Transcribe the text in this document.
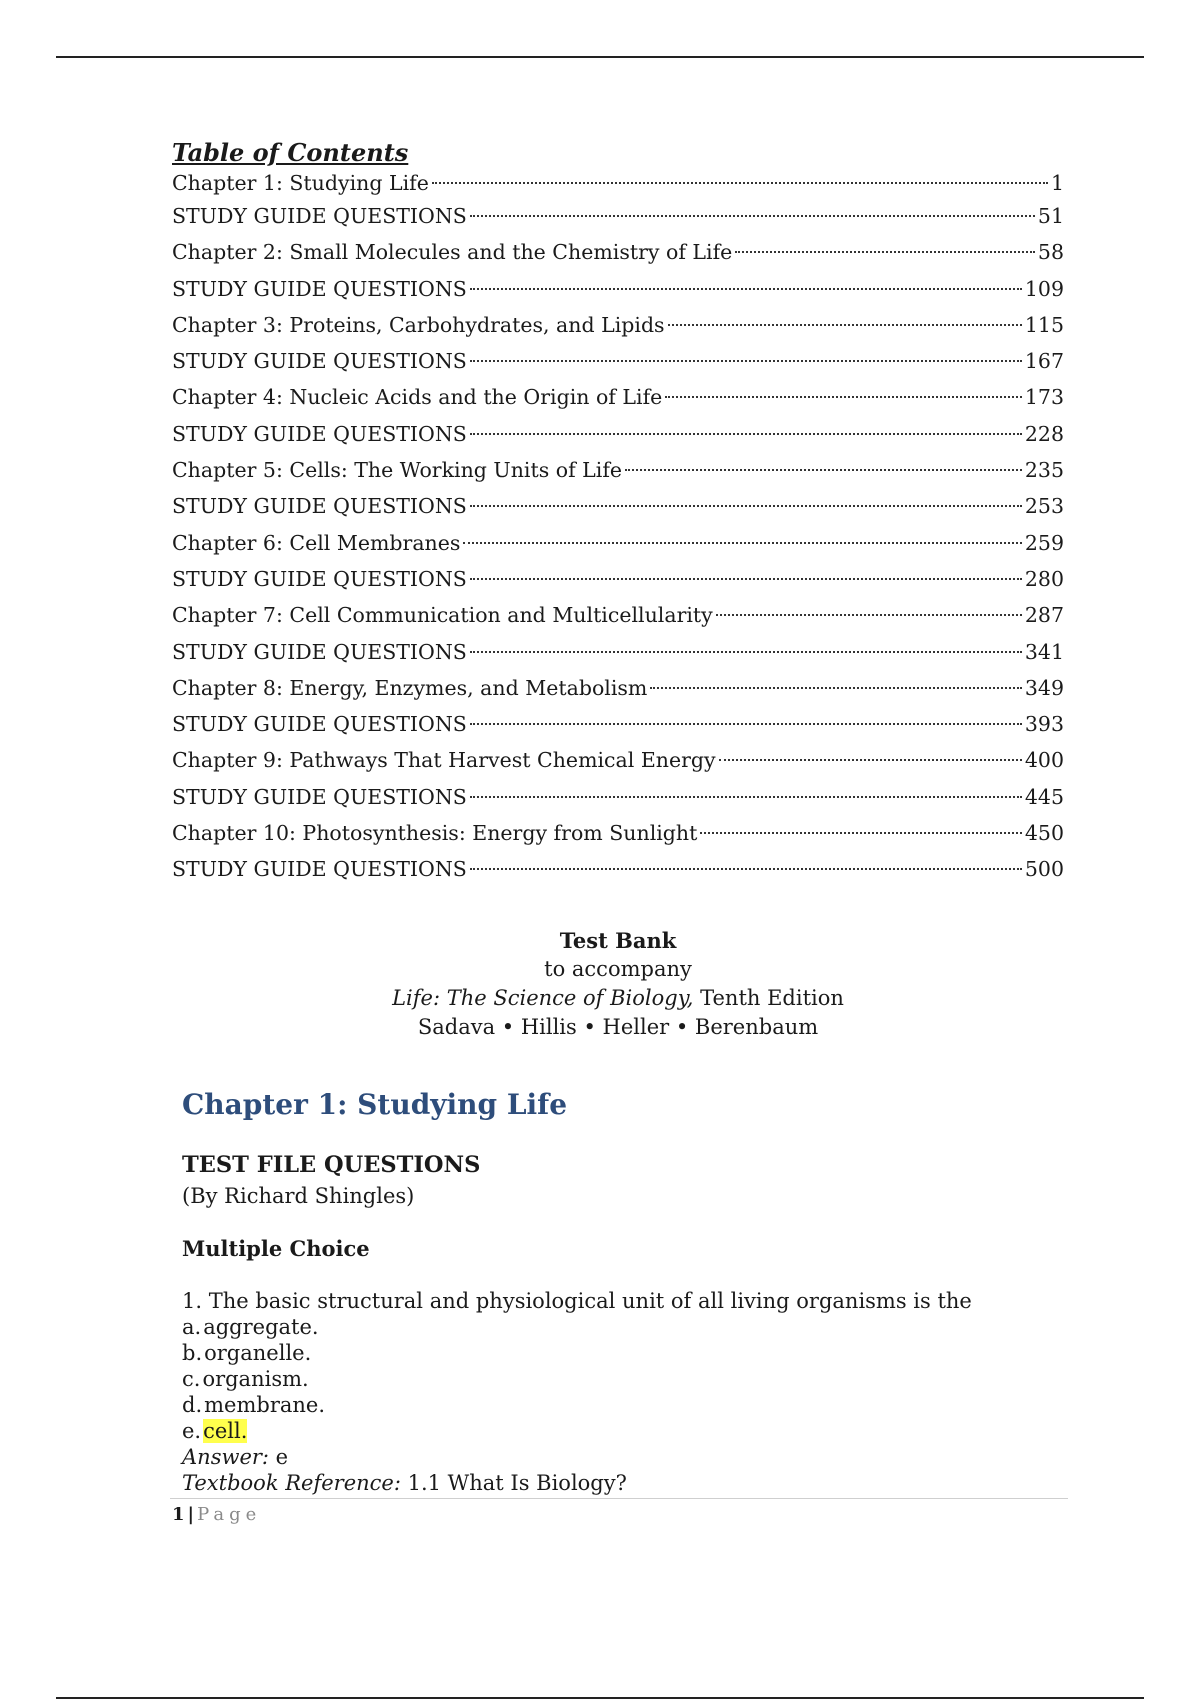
Table of Contents
Chapter 1: Studying Life	1
STUDY GUIDE QUESTIONS	51
Chapter 2: Small Molecules and the Chemistry of Life	58
STUDY GUIDE QUESTIONS	109
Chapter 3: Proteins, Carbohydrates, and Lipids	115
STUDY GUIDE QUESTIONS	167
Chapter 4: Nucleic Acids and the Origin of Life	173
STUDY GUIDE QUESTIONS	228
Chapter 5: Cells: The Working Units of Life	235
STUDY GUIDE QUESTIONS	253
Chapter 6: Cell Membranes	259
STUDY GUIDE QUESTIONS	280
Chapter 7: Cell Communication and Multicellularity	287
STUDY GUIDE QUESTIONS	341
Chapter 8: Energy, Enzymes, and Metabolism	349
STUDY GUIDE QUESTIONS	393
Chapter 9: Pathways That Harvest Chemical Energy	400
STUDY GUIDE QUESTIONS	445
Chapter 10: Photosynthesis: Energy from Sunlight	450
STUDY GUIDE QUESTIONS	500
Test Bank
to accompany
Life: The Science of Biology, Tenth Edition
Sadava • Hillis • Heller • Berenbaum
Chapter 1: Studying Life
TEST FILE QUESTIONS
(By Richard Shingles)
Multiple Choice
1. The basic structural and physiological unit of all living organisms is the
a.aggregate.
b.organelle.
c.organism.
d.membrane.
e.cell.
Answer: e
Textbook Reference: 1.1 What Is Biology?
1 | Page
